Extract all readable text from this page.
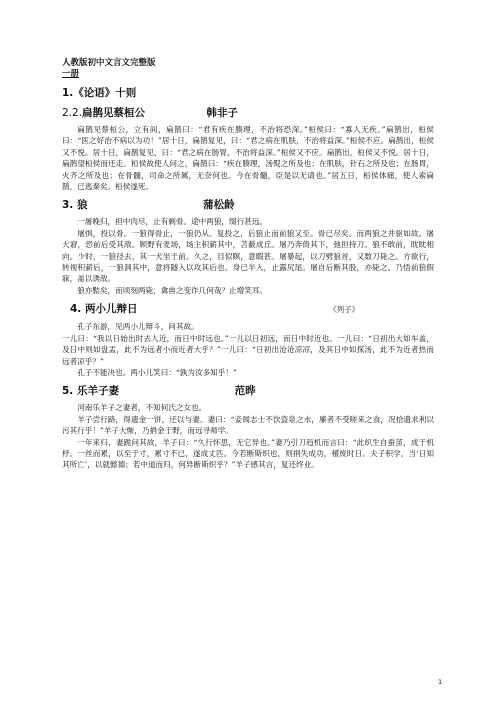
人教版初中文言文完整版
一册
1.《论语》十则
2.2.扁鹊见蔡桓公	韩非子

扁鹊见蔡桓公，立有间，扁鹊曰：“君有疾在腠理，不治将恐深。”桓侯曰：“寡人无疾。”扁鹊出，桓侯曰：“医之好治不病以为功！”居十日，扁鹊复见，曰：“君之病在肌肤，不治将益深。”桓侯不应。扁鹊出，桓侯又不悦。居十日，扁鹊复见，曰：“君之病在肠胃，不治将益深。”桓侯又不应。扁鹊出，桓侯又不悦。居十日，扁鹊望桓侯而还走。桓侯故使人问之，扁鹊曰：“疾在腠理，汤熨之所及也；在肌肤，针石之所及也；在肠胃，火齐之所及也；在骨髓，司命之所属，无奈何也。今在骨髓，臣是以无请也。”居五日，桓侯体痛，使人索扁鹊，已逃秦矣。桓侯遂死。

3. 狼	蒲松龄

一屠晚归，担中肉尽，止有剩骨。途中两狼，缀行甚远。

屠惧，投以骨。一狼得骨止，一狼仍从。复投之，后狼止而前狼又至。骨已尽矣。而两狼之并驱如故。屠大窘，恐前后受其敌。顾野有麦场，场主积薪其中，苫蔽成丘。屠乃奔倚其下，弛担持刀。狼不敢前，眈眈相向。少时，一狼径去，其一犬坐于前。久之，目似瞑，意暇甚。屠暴起，以刀劈狼首，又数刀毙之。方欲行，转视积薪后，一狼洞其中，意将隧入以攻其后也。身已半入，止露尻尾。屠自后断其股，亦毙之。乃悟前狼假寐，盖以诱敌。

狼亦黠矣，而顷刻两毙，禽兽之变诈几何哉？止增笑耳。

4. 两小儿辩日	《列子》

孔子东游，见两小儿辩斗，问其故。

一儿曰：“我以日始出时去人近，而日中时远也。”一儿以日初远，而日中时近也。一儿曰：“日初出大如车盖，及日中则如盘盂，此不为远者小而近者大乎？”一儿曰：“日初出沧沧凉凉，及其日中如探汤，此不为近者热而远者凉乎？”

孔子不能决也。两小儿笑曰：“孰为汝多知乎！”

5. 乐羊子妻	范晔

河南乐羊子之妻者，不知何氏之女也。

羊子尝行路，得遗金一饼，还以与妻。妻曰：“妾闻志士不饮盗泉之水，廉者不受嗟来之食，况拾遗求利以污其行乎！”羊子大惭，乃捐金于野，而远寻师学。

一年来归，妻跪问其故，羊子曰：“久行怀思，无它异也。”妻乃引刀趋机而言曰：“此织生自蚕茧，成于机杼。一丝而累，以至于寸，累寸不已，遂成丈匹。今若断斯织也，则捐失成功，稽废时日。夫子积学，当‘日知其所亡’，以就懿德；若中道而归，何异断斯织乎？”羊子感其言，复还终业。

1
